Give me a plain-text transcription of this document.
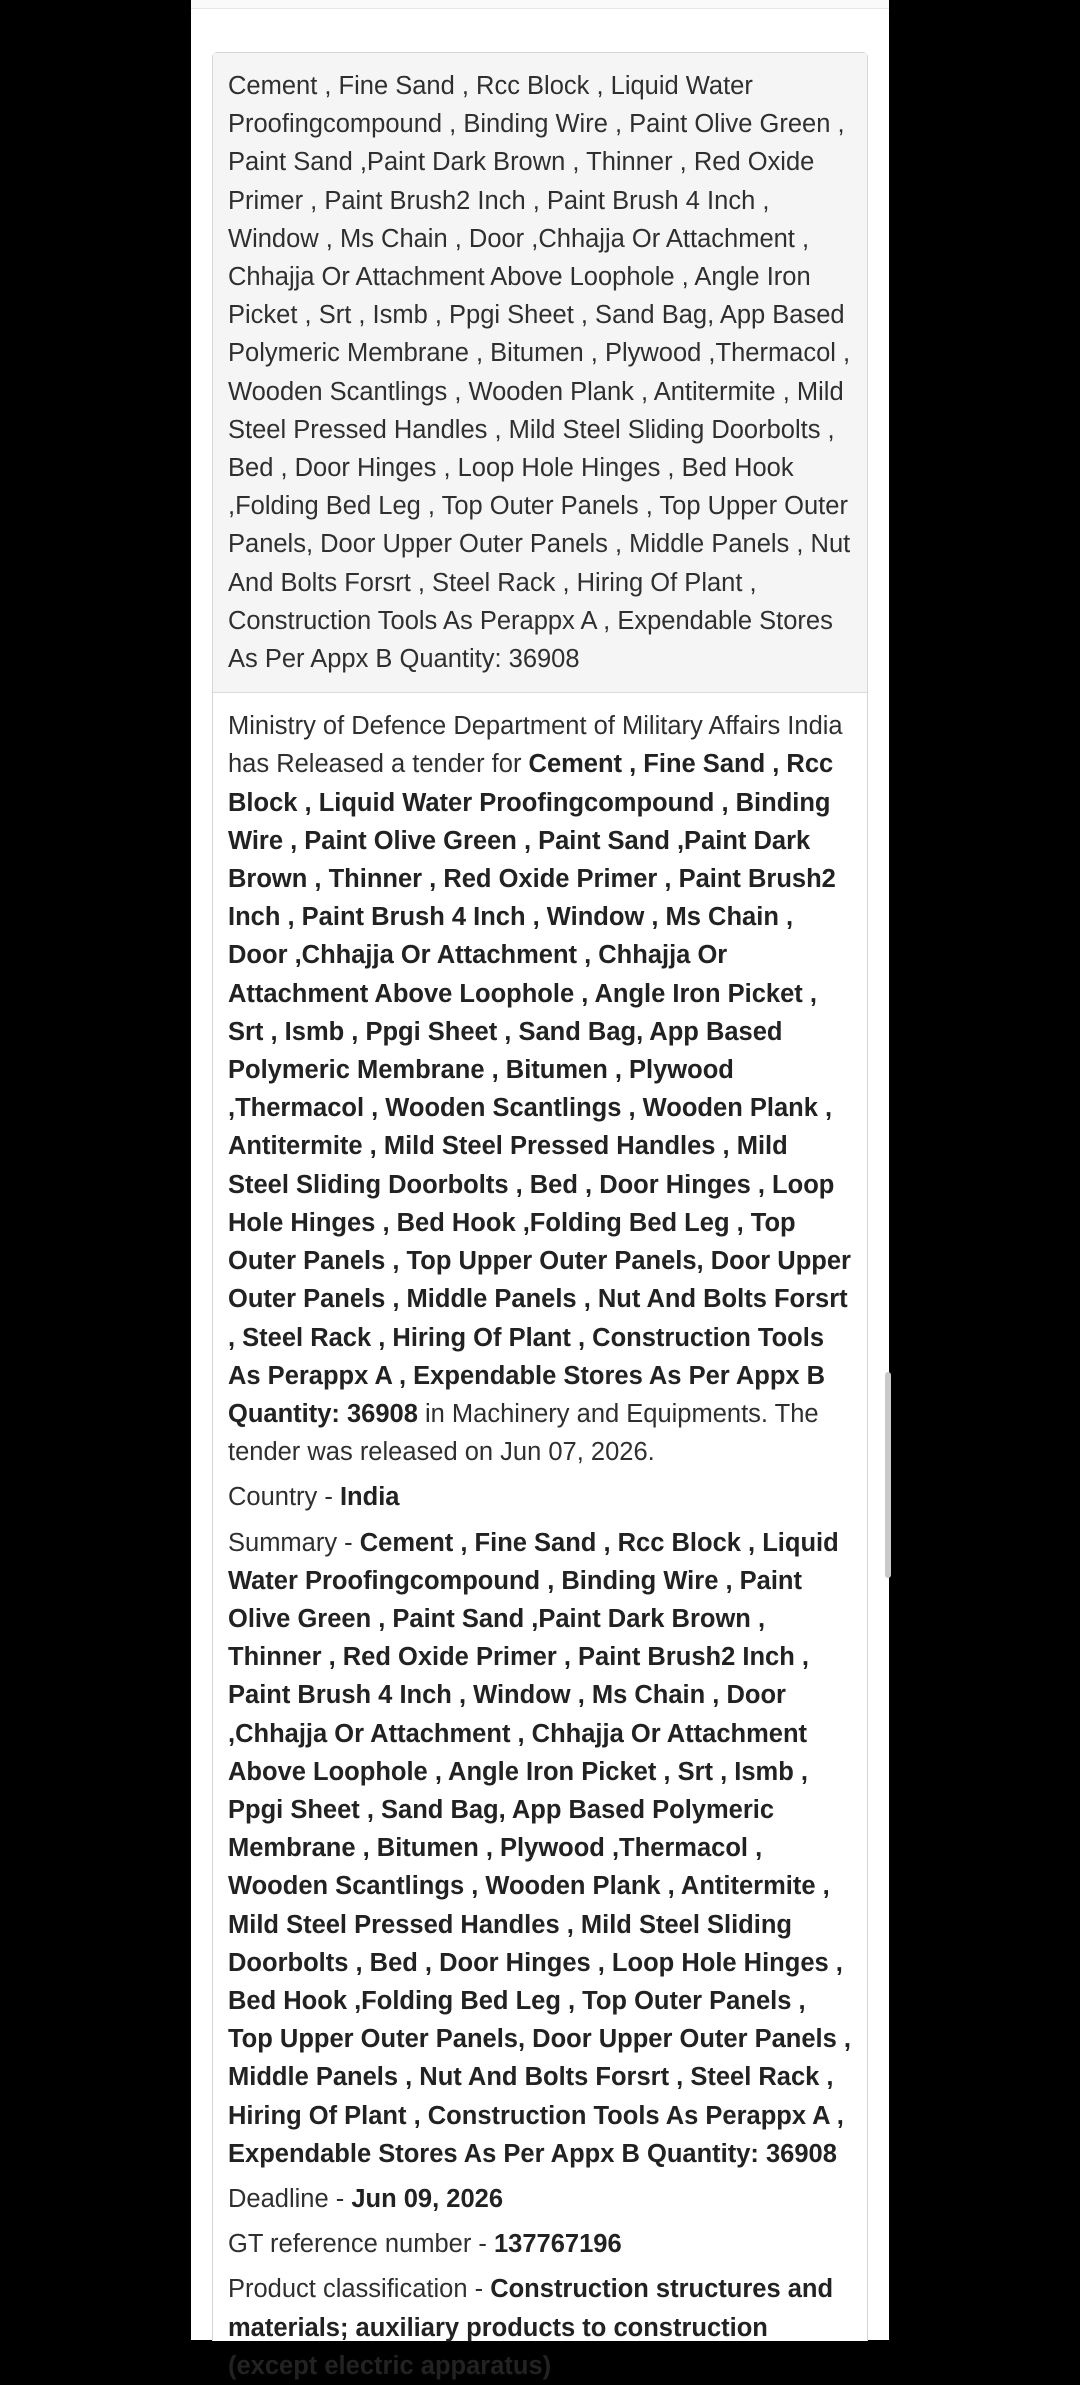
Cement , Fine Sand , Rcc Block , Liquid Water Proofingcompound , Binding Wire , Paint Olive Green , Paint Sand ,Paint Dark Brown , Thinner , Red Oxide Primer , Paint Brush2 Inch , Paint Brush 4 Inch , Window , Ms Chain , Door ,Chhajja Or Attachment , Chhajja Or Attachment Above Loophole , Angle Iron Picket , Srt , Ismb , Ppgi Sheet , Sand Bag, App Based Polymeric Membrane , Bitumen , Plywood ,Thermacol , Wooden Scantlings , Wooden Plank , Antitermite , Mild Steel Pressed Handles , Mild Steel Sliding Doorbolts , Bed , Door Hinges , Loop Hole Hinges , Bed Hook ,Folding Bed Leg , Top Outer Panels , Top Upper Outer Panels, Door Upper Outer Panels , Middle Panels , Nut And Bolts Forsrt , Steel Rack , Hiring Of Plant , Construction Tools As Perappx A , Expendable Stores As Per Appx B Quantity: 36908
Ministry of Defence Department of Military Affairs India has Released a tender for Cement , Fine Sand , Rcc Block , Liquid Water Proofingcompound , Binding Wire , Paint Olive Green , Paint Sand ,Paint Dark Brown , Thinner , Red Oxide Primer , Paint Brush2 Inch , Paint Brush 4 Inch , Window , Ms Chain , Door ,Chhajja Or Attachment , Chhajja Or Attachment Above Loophole , Angle Iron Picket , Srt , Ismb , Ppgi Sheet , Sand Bag, App Based Polymeric Membrane , Bitumen , Plywood ,Thermacol , Wooden Scantlings , Wooden Plank , Antitermite , Mild Steel Pressed Handles , Mild Steel Sliding Doorbolts , Bed , Door Hinges , Loop Hole Hinges , Bed Hook ,Folding Bed Leg , Top Outer Panels , Top Upper Outer Panels, Door Upper Outer Panels , Middle Panels , Nut And Bolts Forsrt , Steel Rack , Hiring Of Plant , Construction Tools As Perappx A , Expendable Stores As Per Appx B Quantity: 36908 in Machinery and Equipments. The tender was released on Jun 07, 2026.
Country - India
Summary - Cement , Fine Sand , Rcc Block , Liquid Water Proofingcompound , Binding Wire , Paint Olive Green , Paint Sand ,Paint Dark Brown , Thinner , Red Oxide Primer , Paint Brush2 Inch , Paint Brush 4 Inch , Window , Ms Chain , Door ,Chhajja Or Attachment , Chhajja Or Attachment Above Loophole , Angle Iron Picket , Srt , Ismb , Ppgi Sheet , Sand Bag, App Based Polymeric Membrane , Bitumen , Plywood ,Thermacol , Wooden Scantlings , Wooden Plank , Antitermite , Mild Steel Pressed Handles , Mild Steel Sliding Doorbolts , Bed , Door Hinges , Loop Hole Hinges , Bed Hook ,Folding Bed Leg , Top Outer Panels , Top Upper Outer Panels, Door Upper Outer Panels , Middle Panels , Nut And Bolts Forsrt , Steel Rack , Hiring Of Plant , Construction Tools As Perappx A , Expendable Stores As Per Appx B Quantity: 36908
Deadline - Jun 09, 2026
GT reference number - 137767196
Product classification - Construction structures and materials; auxiliary products to construction (except electric apparatus)
